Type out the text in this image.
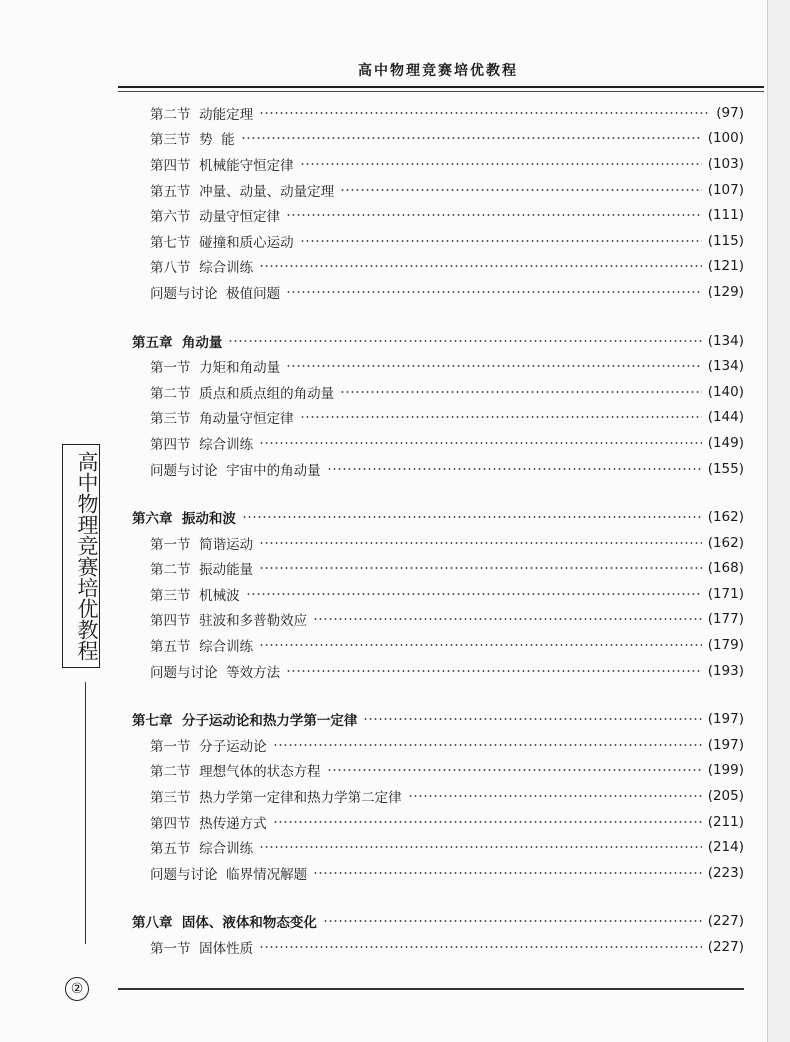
高中物理竞赛培优教程
第二节  动能定理	(97)
第三节  势  能	(100)
第四节  机械能守恒定律	(103)
第五节  冲量、动量、动量定理	(107)
第六节  动量守恒定律	(111)
第七节  碰撞和质心运动	(115)
第八节  综合训练	(121)
问题与讨论  极值问题	(129)
第五章  角动量	(134)
第一节  力矩和角动量	(134)
第二节  质点和质点组的角动量	(140)
第三节  角动量守恒定律	(144)
第四节  综合训练	(149)
问题与讨论  宇宙中的角动量	(155)
第六章  振动和波	(162)
第一节  简谐运动	(162)
第二节  振动能量	(168)
第三节  机械波	(171)
第四节  驻波和多普勒效应	(177)
第五节  综合训练	(179)
问题与讨论  等效方法	(193)
第七章  分子运动论和热力学第一定律	(197)
第一节  分子运动论	(197)
第二节  理想气体的状态方程	(199)
第三节  热力学第一定律和热力学第二定律	(205)
第四节  热传递方式	(211)
第五节  综合训练	(214)
问题与讨论  临界情况解题	(223)
第八章  固体、液体和物态变化	(227)
第一节  固体性质	(227)
高中物理竞赛培优教程
②
